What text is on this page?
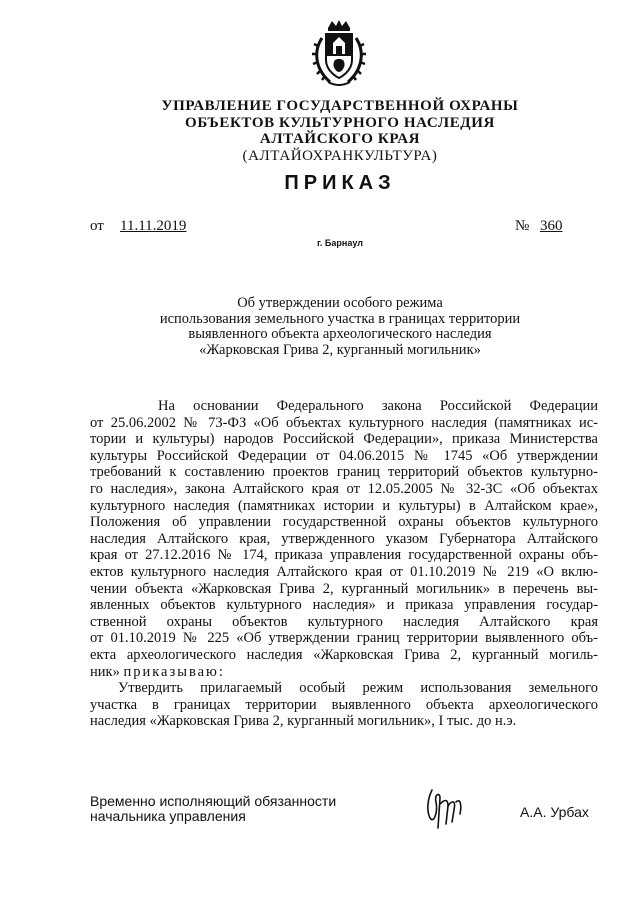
УПРАВЛЕНИЕ ГОСУДАРСТВЕННОЙ ОХРАНЫ
ОБЪЕКТОВ КУЛЬТУРНОГО НАСЛЕДИЯ
АЛТАЙСКОГО КРАЯ
(АЛТАЙОХРАНКУЛЬТУРА)
ПРИКАЗ
от 11.11.2019	№ 360
г. Барнаул
Об утверждении особого режима
использования земельного участка в границах территории
выявленного объекта археологического наследия
«Жарковская Грива 2, курганный могильник»
На основании Федерального закона Российской Федерации
от 25.06.2002 № 73-ФЗ «Об объектах культурного наследия (памятниках ис-
тории и культуры) народов Российской Федерации», приказа Министерства
культуры Российской Федерации от 04.06.2015 № 1745 «Об утверждении
требований к составлению проектов границ территорий объектов культурно-
го наследия», закона Алтайского края от 12.05.2005 № 32-ЗС «Об объектах
культурного наследия (памятниках истории и культуры) в Алтайском крае»,
Положения об управлении государственной охраны объектов культурного
наследия Алтайского края, утвержденного указом Губернатора Алтайского
края от 27.12.2016 № 174, приказа управления государственной охраны объ-
ектов культурного наследия Алтайского края от 01.10.2019 № 219 «О вклю-
чении объекта «Жарковская Грива 2, курганный могильник» в перечень вы-
явленных объектов культурного наследия» и приказа управления государ-
ственной охраны объектов культурного наследия Алтайского края
от 01.10.2019 № 225 «Об утверждении границ территории выявленного объ-
екта археологического наследия «Жарковская Грива 2, курганный могиль-
ник» приказываю:
Утвердить прилагаемый особый режим использования земельного
участка в границах территории выявленного объекта археологического
наследия «Жарковская Грива 2, курганный могильник», I тыс. до н.э.
Временно исполняющий обязанности
начальника управления	А.А. Урбах
